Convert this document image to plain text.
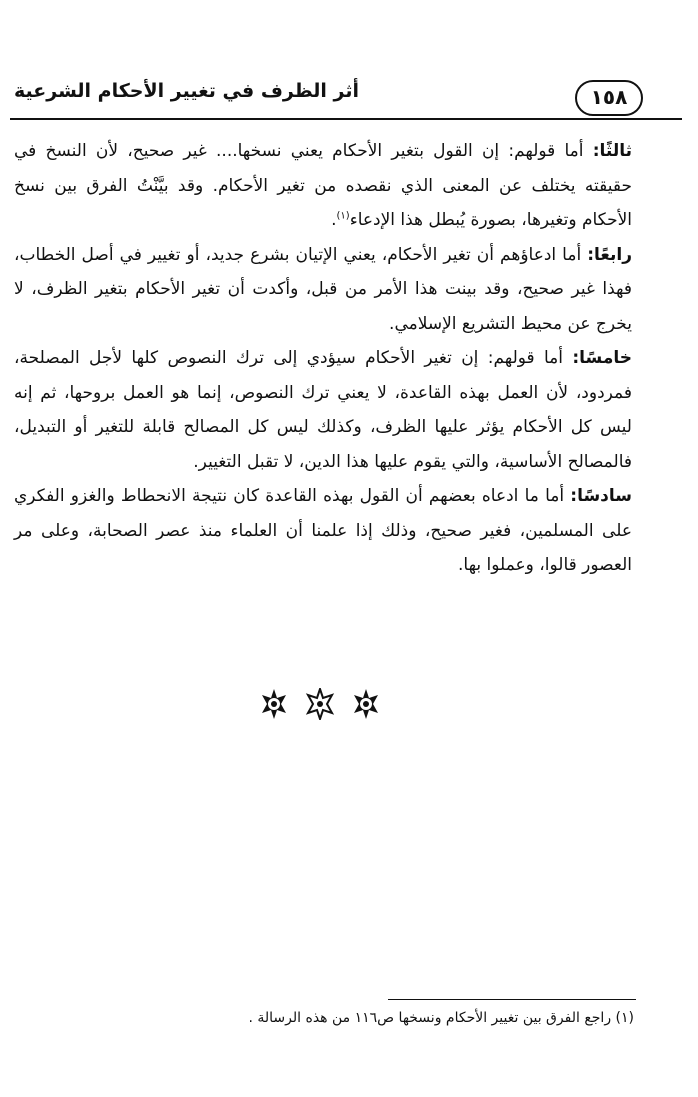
١٥٨
أثر الظرف في تغيير الأحكام الشرعية

ثالثًا: أما قولهم: إن القول بتغير الأحكام يعني نسخها.... غير صحيح، لأن النسخ في حقيقته يختلف عن المعنى الذي نقصده من تغير الأحكام. وقد بيَّنْتُ الفرق بين نسخ الأحكام وتغيرها، بصورة يُبطل هذا الإدعاء$^{(١)}$.

رابعًا: أما ادعاؤهم أن تغير الأحكام، يعني الإتيان بشرع جديد، أو تغيير في أصل الخطاب، فهذا غير صحيح، وقد بينت هذا الأمر من قبل، وأكدت أن تغير الأحكام بتغير الظرف، لا يخرج عن محيط التشريع الإسلامي.

خامسًا: أما قولهم: إن تغير الأحكام سيؤدي إلى ترك النصوص كلها لأجل المصلحة، فمردود، لأن العمل بهذه القاعدة، لا يعني ترك النصوص، إنما هو العمل بروحها، ثم إنه ليس كل الأحكام يؤثر عليها الظرف، وكذلك ليس كل المصالح قابلة للتغير أو التبديل، فالمصالح الأساسية، والتي يقوم عليها هذا الدين، لا تقبل التغيير.

سادسًا: أما ما ادعاه بعضهم أن القول بهذه القاعدة كان نتيجة الانحطاط والغزو الفكري على المسلمين، فغير صحيح، وذلك إذا علمنا أن العلماء منذ عصر الصحابة، وعلى مر العصور قالوا، وعملوا بها.

(١) راجع الفرق بين تغيير الأحكام ونسخها ص١١٦ من هذه الرسالة .
